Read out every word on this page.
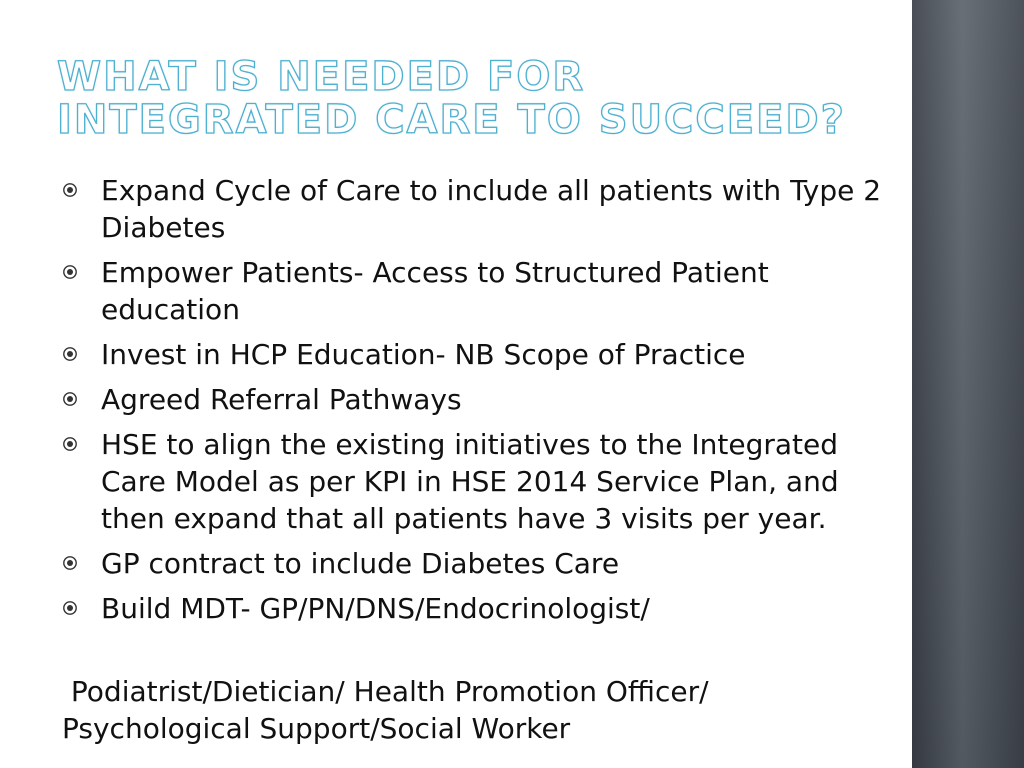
WHAT IS NEEDED FOR INTEGRATED CARE TO SUCCEED?
Expand Cycle of Care to include all patients with Type 2 Diabetes
Empower Patients- Access to Structured Patient education
Invest in HCP Education- NB Scope of Practice
Agreed Referral Pathways
HSE to align the existing initiatives to the Integrated Care Model as per KPI in HSE 2014 Service Plan, and then expand that all patients have 3 visits per year.
GP contract to include Diabetes Care
Build MDT- GP/PN/DNS/Endocrinologist/

Podiatrist/Dietician/ Health Promotion Officer/ Psychological Support/Social Worker
